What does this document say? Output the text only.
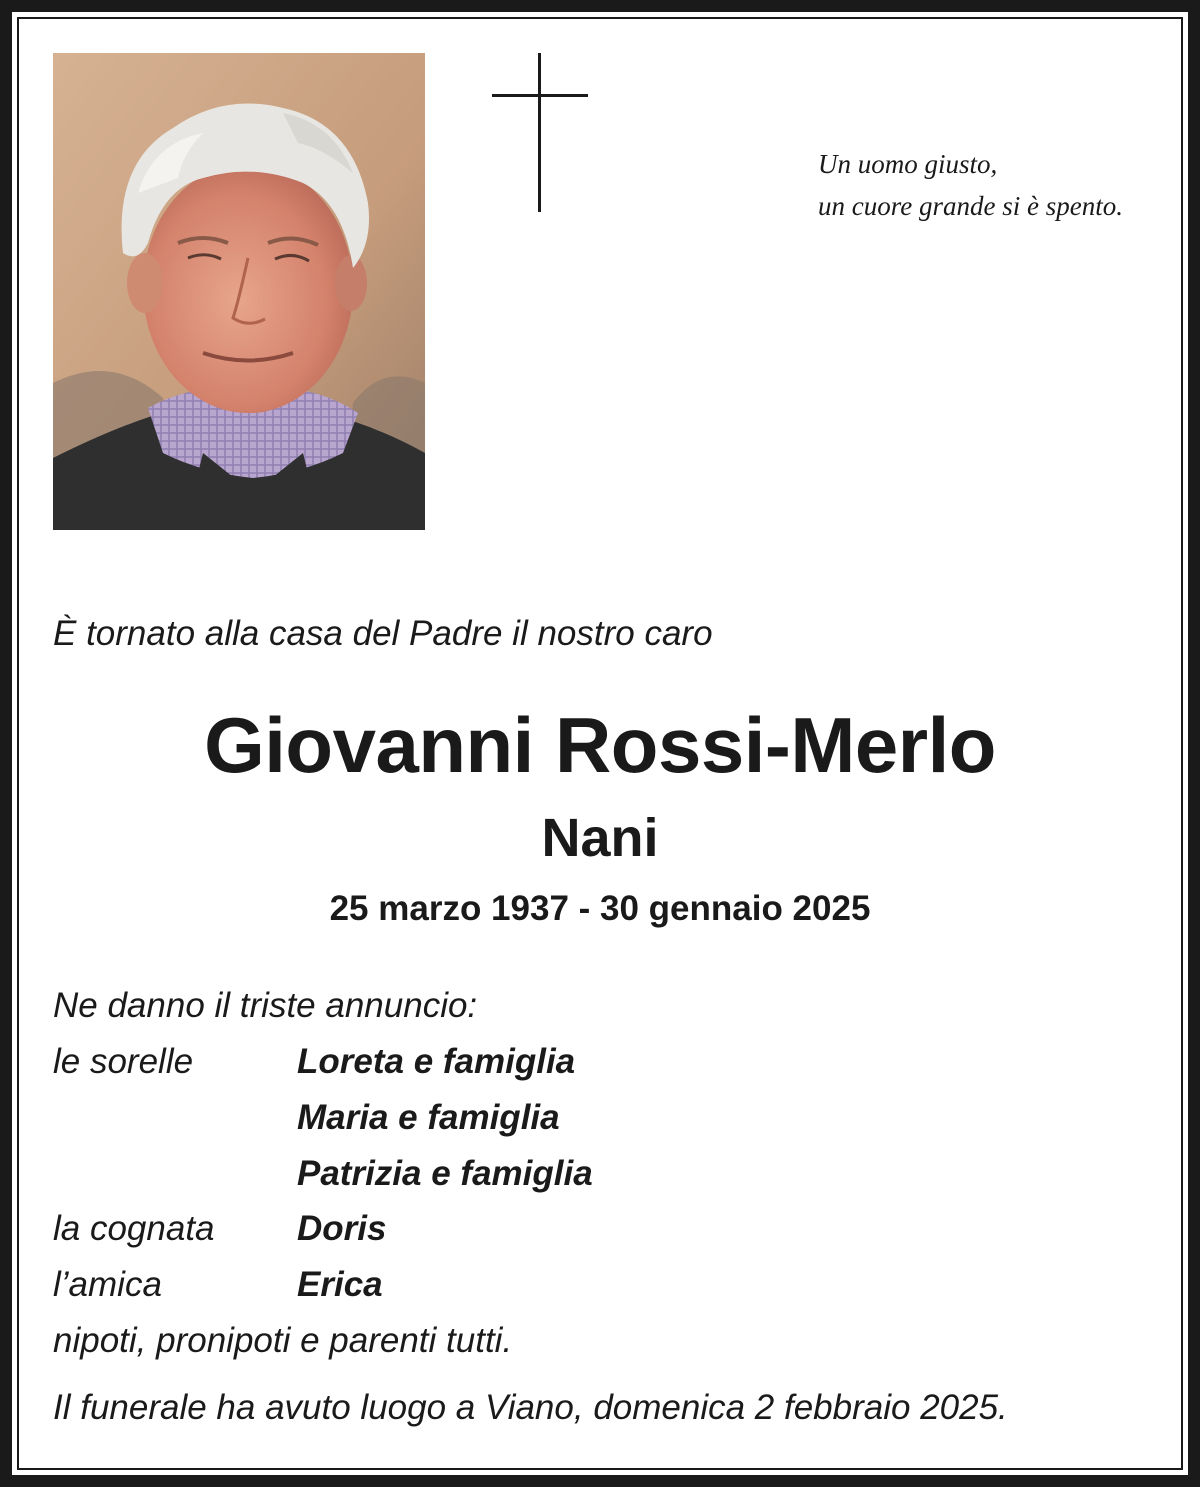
Un uomo giusto,
un cuore grande si è spento.
È tornato alla casa del Padre il nostro caro
Giovanni Rossi-Merlo
Nani
25 marzo 1937 - 30 gennaio 2025
Ne danno il triste annuncio:
le sorelle	Loreta e famiglia
Maria e famiglia
Patrizia e famiglia
la cognata Doris
l’amica	Erica
nipoti, pronipoti e parenti tutti.
Il funerale ha avuto luogo a Viano, domenica 2 febbraio 2025.
